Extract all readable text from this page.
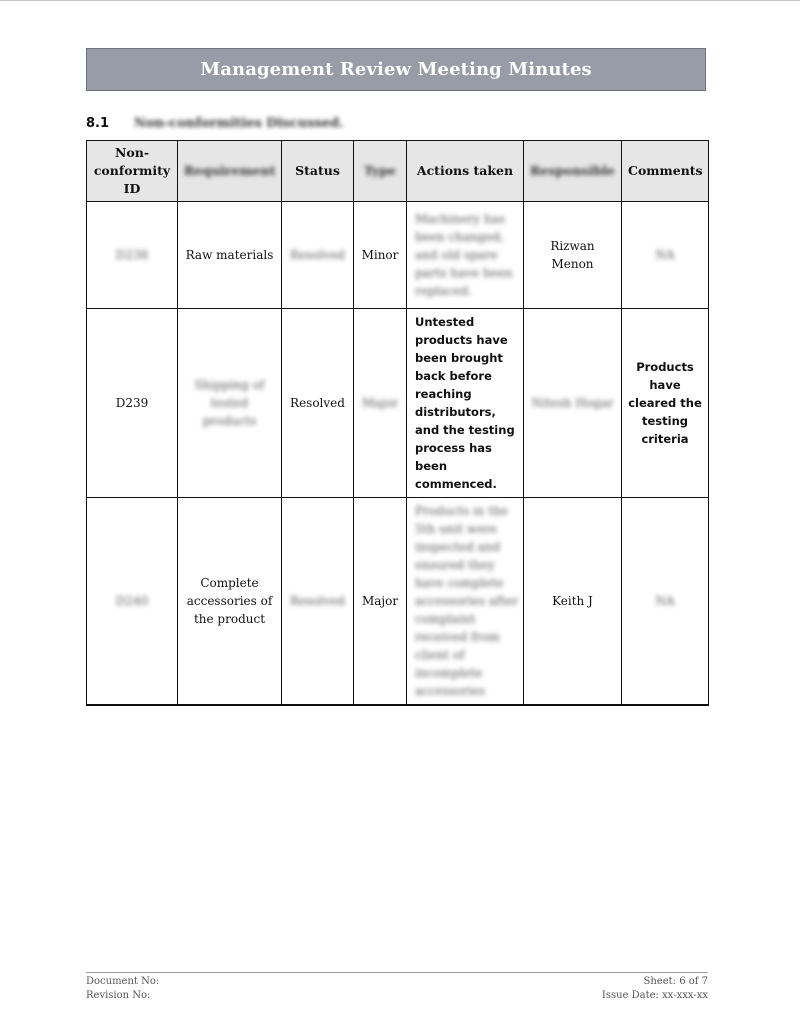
Management Review Meeting Minutes
8.1	Non-conformities Discussed.
Non-
conformity
ID	Requirement	Status	Type	Actions taken	Responsible	Comments
D238	Raw materials	Resolved	Minor	Machinery has been changed, and old spare parts have been replaced.	Rizwan Menon	NA
D239	Shipping of tested products	Resolved	Major	Untested products have been brought back before reaching distributors, and the testing process has been commenced.	Nitesh Hogar	Products have cleared the testing criteria
D240	Complete accessories of the product	Resolved	Major	Products in the 5th unit were inspected and ensured they have complete accessories after complaint received from client of incomplete accessories	Keith J	NA
Document No:	Sheet: 6 of 7
Revision No:	Issue Date: xx-xxx-xx
